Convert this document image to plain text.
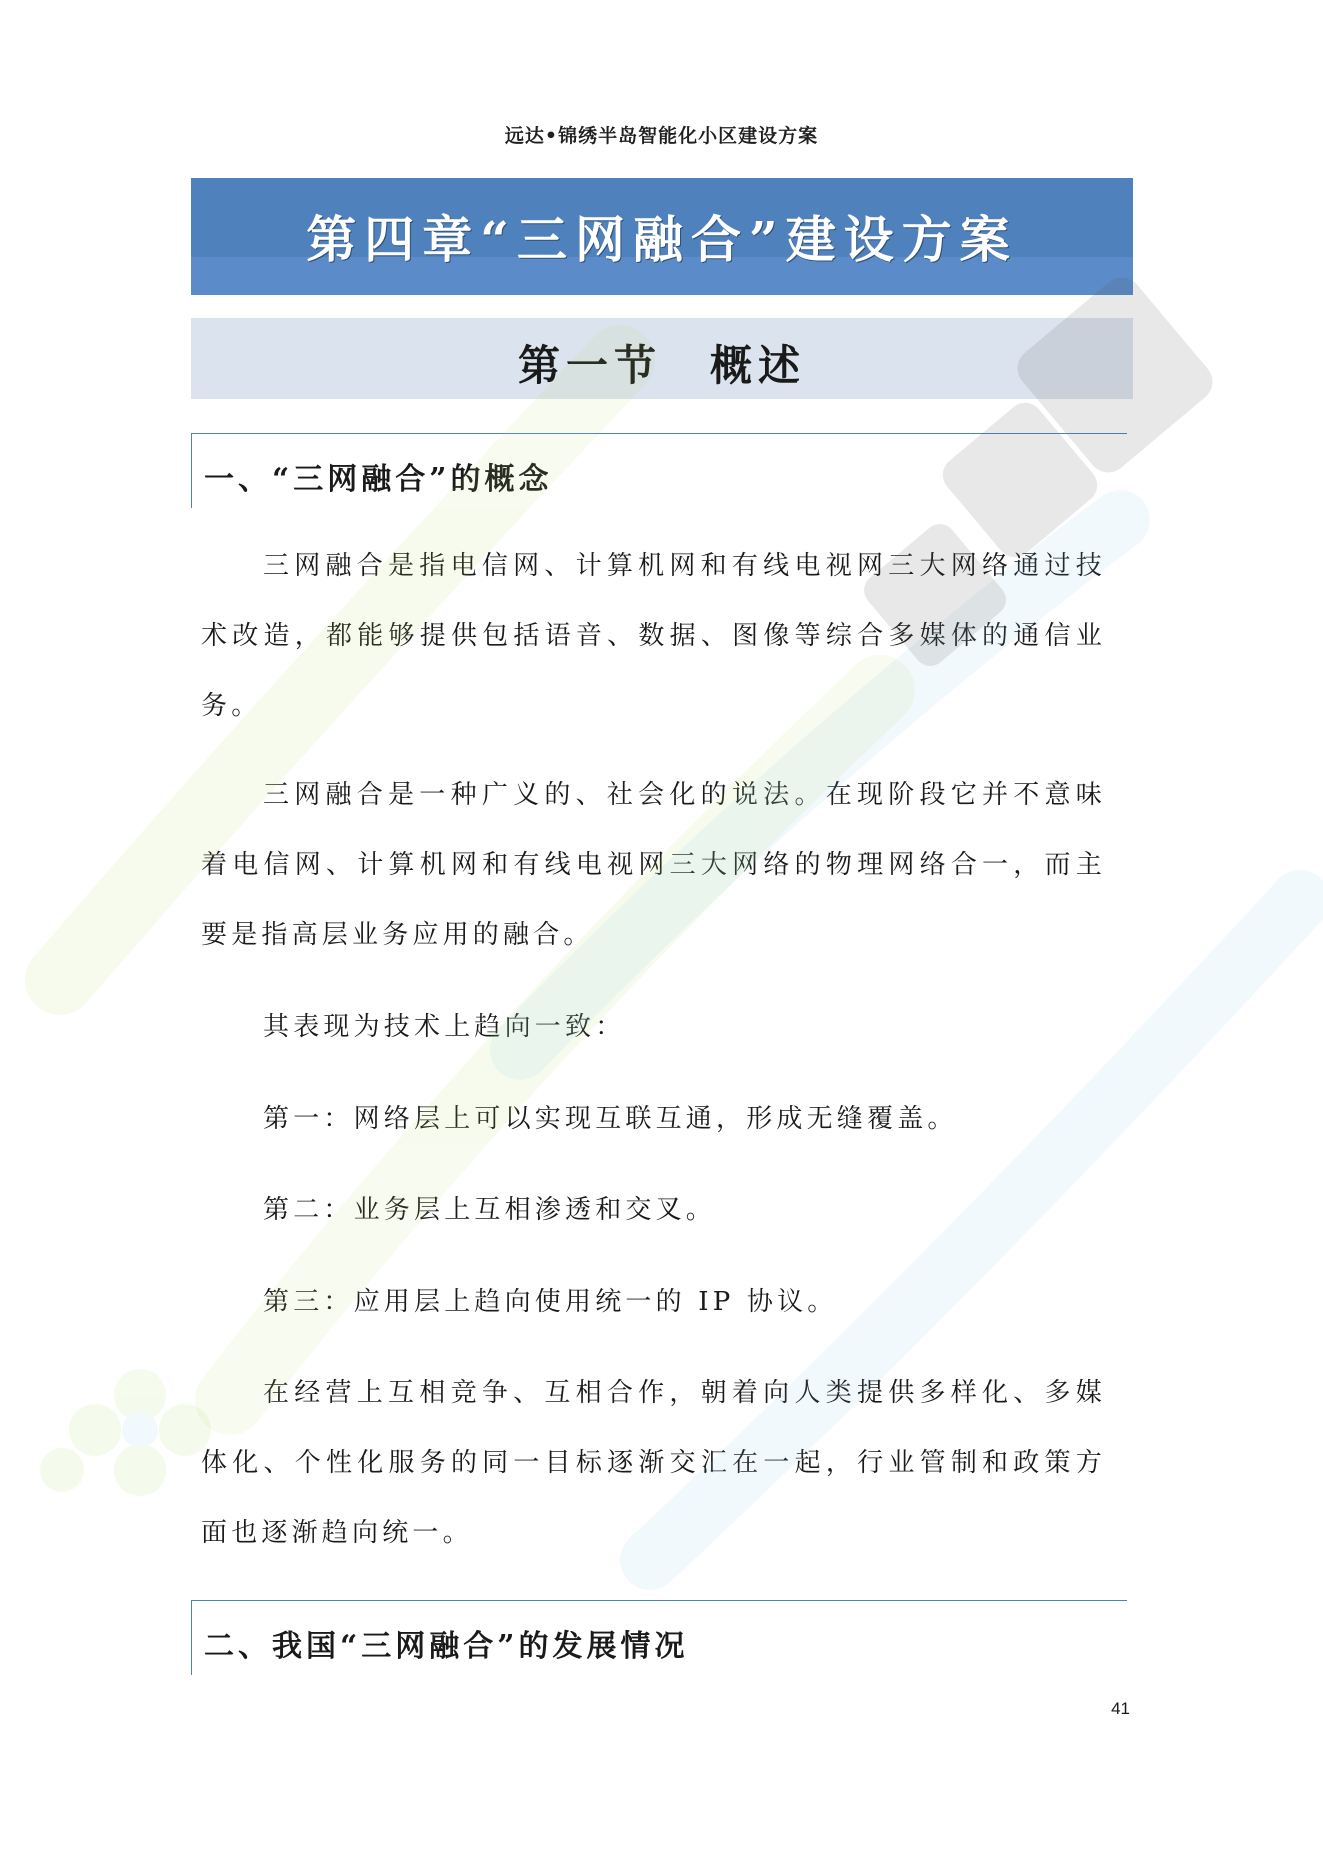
远达•锦绣半岛智能化小区建设方案
第四章“三网融合”建设方案
第一节　概述
一、“三网融合”的概念
三网融合是指电信网、计算机网和有线电视网三大网络通过技术改造，都能够提供包括语音、数据、图像等综合多媒体的通信业务。
三网融合是一种广义的、社会化的说法。在现阶段它并不意味着电信网、计算机网和有线电视网三大网络的物理网络合一，而主要是指高层业务应用的融合。
其表现为技术上趋向一致：
第一：网络层上可以实现互联互通，形成无缝覆盖。
第二：业务层上互相渗透和交叉。
第三：应用层上趋向使用统一的 IP 协议。
在经营上互相竞争、互相合作，朝着向人类提供多样化、多媒体化、个性化服务的同一目标逐渐交汇在一起，行业管制和政策方面也逐渐趋向统一。
二、我国“三网融合”的发展情况
41
